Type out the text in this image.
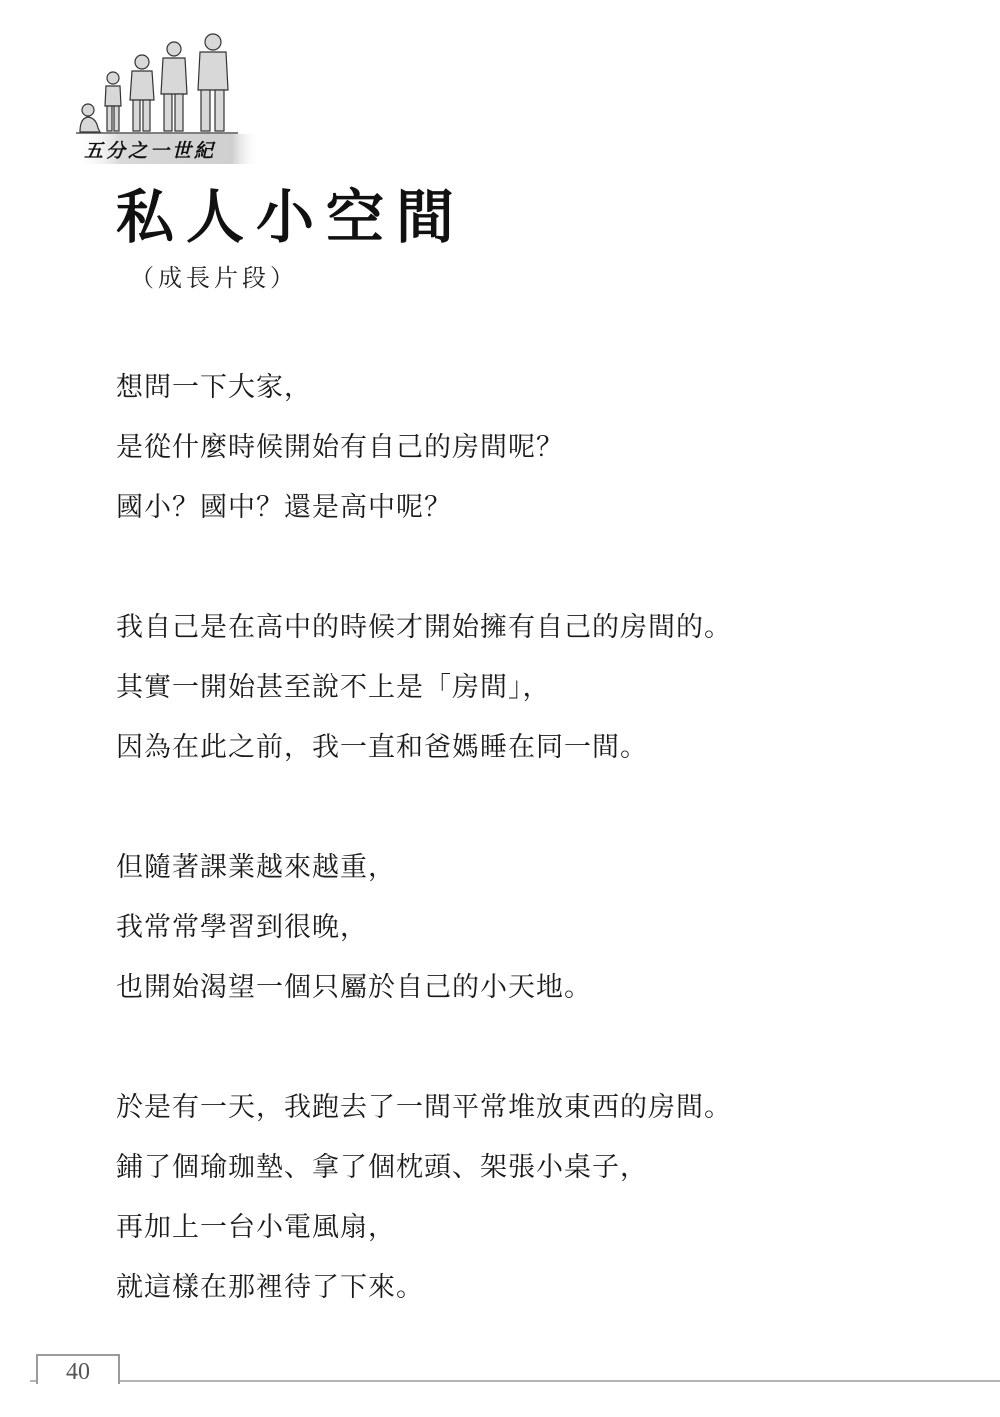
五分之一世紀
私人小空間
（成長片段）
想問一下大家，
是從什麼時候開始有自己的房間呢？
國小？國中？還是高中呢？
我自己是在高中的時候才開始擁有自己的房間的。
其實一開始甚至說不上是「房間」，
因為在此之前，我一直和爸媽睡在同一間。
但隨著課業越來越重，
我常常學習到很晚，
也開始渴望一個只屬於自己的小天地。
於是有一天，我跑去了一間平常堆放東西的房間。
鋪了個瑜珈墊、拿了個枕頭、架張小桌子，
再加上一台小電風扇，
就這樣在那裡待了下來。
40
